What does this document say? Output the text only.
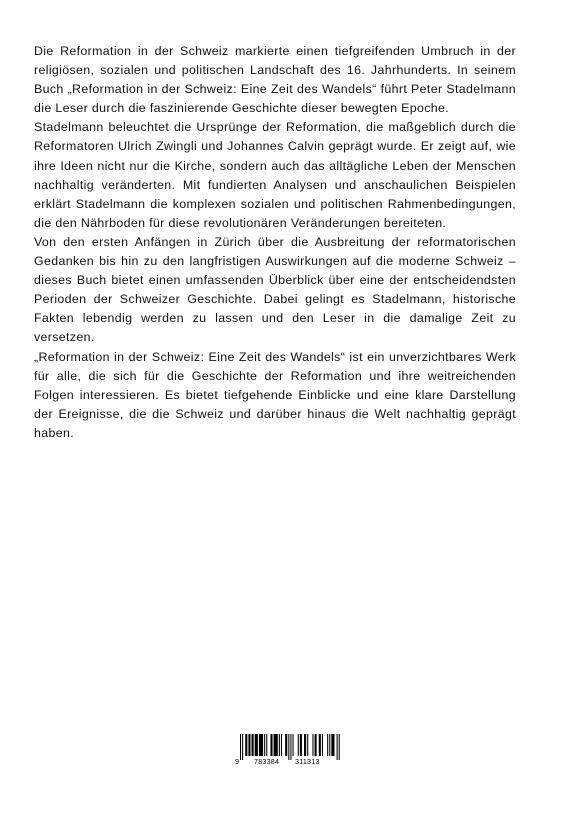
Die Reformation in der Schweiz markierte einen tiefgreifenden Umbruch in der religiösen, sozialen und politischen Landschaft des 16. Jahrhunderts. In seinem Buch „Reformation in der Schweiz: Eine Zeit des Wandels“ führt Peter Stadelmann die Leser durch die faszinierende Geschichte dieser bewegten Epoche.

Stadelmann beleuchtet die Ursprünge der Reformation, die maßgeblich durch die Reformatoren Ulrich Zwingli und Johannes Calvin geprägt wurde. Er zeigt auf, wie ihre Ideen nicht nur die Kirche, sondern auch das alltägliche Leben der Menschen nachhaltig veränderten. Mit fundierten Analysen und anschaulichen Beispielen erklärt Stadelmann die komplexen sozialen und politischen Rahmenbedingungen, die den Nährboden für diese revolutionären Veränderungen bereiteten.

Von den ersten Anfängen in Zürich über die Ausbreitung der reformatorischen Gedanken bis hin zu den langfristigen Auswirkungen auf die moderne Schweiz – dieses Buch bietet einen umfassenden Überblick über eine der entscheidendsten Perioden der Schweizer Geschichte. Dabei gelingt es Stadelmann, historische Fakten lebendig werden zu lassen und den Leser in die damalige Zeit zu versetzen.

„Reformation in der Schweiz: Eine Zeit des Wandels“ ist ein unverzichtbares Werk für alle, die sich für die Geschichte der Reformation und ihre weitreichenden Folgen interessieren. Es bietet tiefgehende Einblicke und eine klare Darstellung der Ereignisse, die die Schweiz und darüber hinaus die Welt nachhaltig geprägt haben.

9 783384 311313
